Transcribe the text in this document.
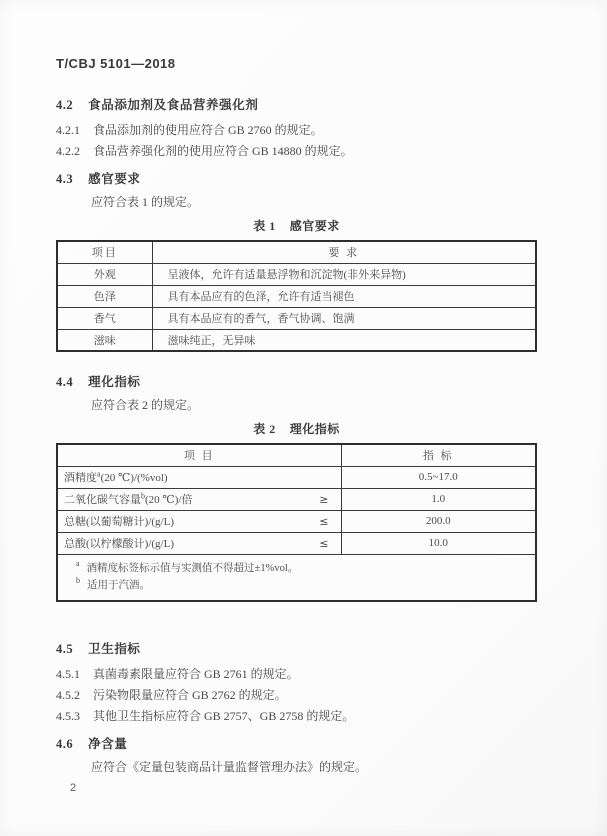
T/CBJ 5101—2018
4.2 食品添加剂及食品营养强化剂
4.2.1 食品添加剂的使用应符合 GB 2760 的规定。
4.2.2 食品营养强化剂的使用应符合 GB 14880 的规定。
4.3 感官要求
应符合表 1 的规定。
表 1 感官要求
项目	要 求
外观	呈液体，允许有适量悬浮物和沉淀物(非外来异物)
色泽	具有本品应有的色泽，允许有适当褪色
香气	具有本品应有的香气，香气协调、饱满
滋味	滋味纯正，无异味
4.4 理化指标
应符合表 2 的规定。
表 2 理化指标
项 目	指 标

酒精度$^a$(20 ℃)/(%vol)	0.5~17.0

二氧化碳气容量$^b$(20 ℃)/倍 ≥	1.0

总糖(以葡萄糖计)/(g/L) ≤	200.0

总酸(以柠檬酸计)/(g/L) ≤	10.0

$^a$ 酒精度标签标示值与实测值不得超过±1%vol。
$^b$ 适用于汽酒。	
4.5 卫生指标
4.5.1 真菌毒素限量应符合 GB 2761 的规定。
4.5.2 污染物限量应符合 GB 2762 的规定。
4.5.3 其他卫生指标应符合 GB 2757、GB 2758 的规定。
4.6 净含量
应符合《定量包装商品计量监督管理办法》的规定。
2
